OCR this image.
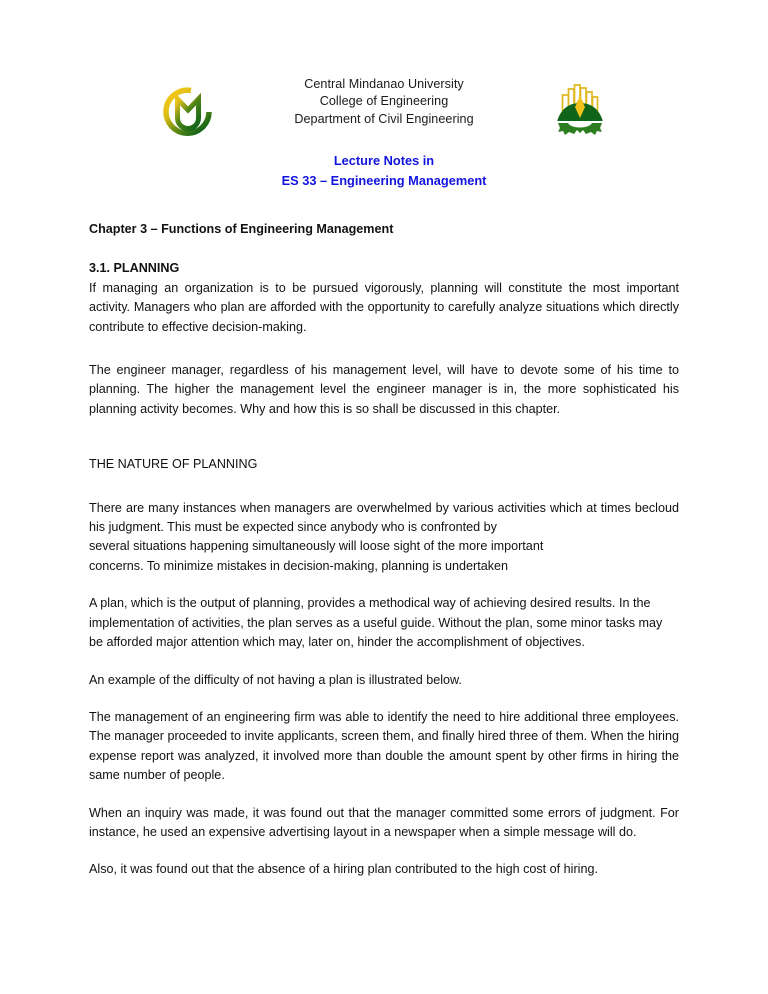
Central Mindanao University
College of Engineering
Department of Civil Engineering
Lecture Notes in
ES 33 – Engineering Management

Chapter 3 – Functions of Engineering Management

3.1. PLANNING

If managing an organization is to be pursued vigorously, planning will constitute the most important activity. Managers who plan are afforded with the opportunity to carefully analyze situations which directly contribute to effective decision-making.

The engineer manager, regardless of his management level, will have to devote some of his time to planning. The higher the management level the engineer manager is in, the more sophisticated his planning activity becomes. Why and how this is so shall be discussed in this chapter.

THE NATURE OF PLANNING

There are many instances when managers are overwhelmed by various activities which at times becloud his judgment. This must be expected since anybody who is confronted by

several situations happening simultaneously will loose sight of the more important

concerns. To minimize mistakes in decision-making, planning is undertaken

A plan, which is the output of planning, provides a methodical way of achieving desired results. In the implementation of activities, the plan serves as a useful guide. Without the plan, some minor tasks may be afforded major attention which may, later on, hinder the accomplishment of objectives.

An example of the difficulty of not having a plan is illustrated below.

The management of an engineering firm was able to identify the need to hire additional three employees. The manager proceeded to invite applicants, screen them, and finally hired three of them. When the hiring expense report was analyzed, it involved more than double the amount spent by other firms in hiring the same number of people.

When an inquiry was made, it was found out that the manager committed some errors of judgment. For instance, he used an expensive advertising layout in a newspaper when a simple message will do.

Also, it was found out that the absence of a hiring plan contributed to the high cost of hiring.
